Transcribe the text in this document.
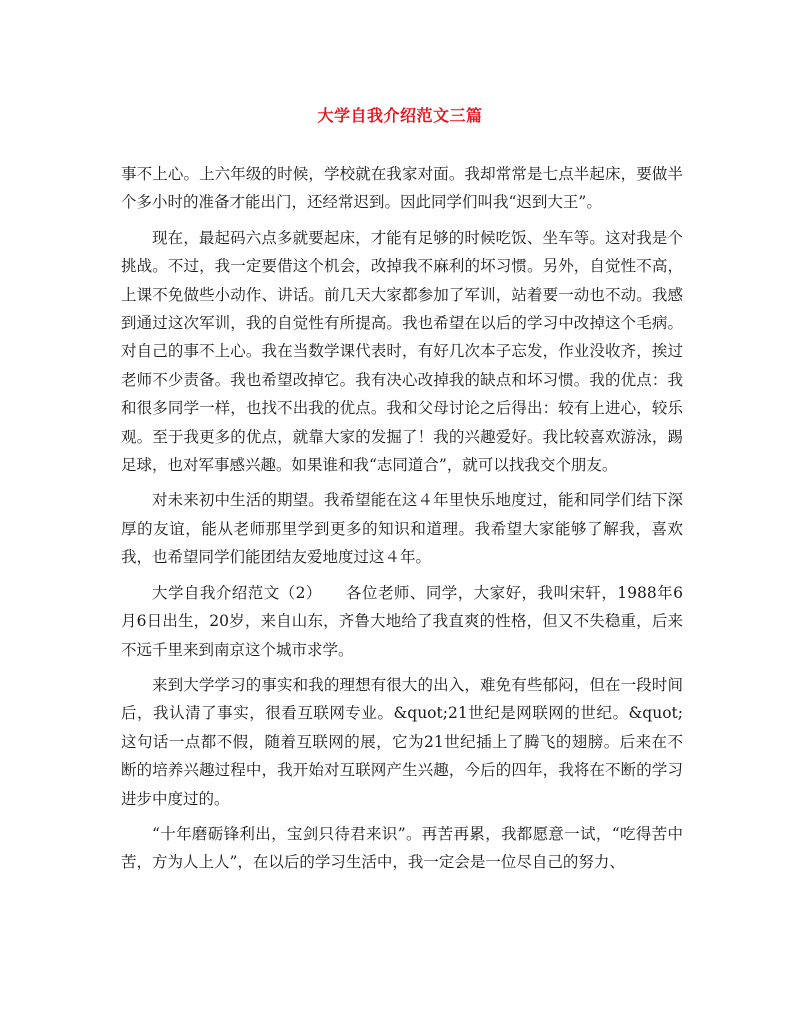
大学自我介绍范文三篇

事不上心。上六年级的时候，学校就在我家对面。我却常常是七点半起床，要做半个多小时的准备才能出门，还经常迟到。因此同学们叫我“迟到大王”。

现在，最起码六点多就要起床，才能有足够的时候吃饭、坐车等。这对我是个挑战。不过，我一定要借这个机会，改掉我不麻利的坏习惯。另外，自觉性不高，上课不免做些小动作、讲话。前几天大家都参加了军训，站着要一动也不动。我感到通过这次军训，我的自觉性有所提高。我也希望在以后的学习中改掉这个毛病。对自己的事不上心。我在当数学课代表时，有好几次本子忘发，作业没收齐，挨过老师不少责备。我也希望改掉它。我有决心改掉我的缺点和坏习惯。我的优点：我和很多同学一样，也找不出我的优点。我和父母讨论之后得出：较有上进心，较乐观。至于我更多的优点，就靠大家的发掘了！我的兴趣爱好。我比较喜欢游泳，踢足球，也对军事感兴趣。如果谁和我“志同道合”，就可以找我交个朋友。

对未来初中生活的期望。我希望能在这４年里快乐地度过，能和同学们结下深厚的友谊，能从老师那里学到更多的知识和道理。我希望大家能够了解我，喜欢我，也希望同学们能团结友爱地度过这４年。

大学自我介绍范文（2）　　各位老师、同学，大家好，我叫宋轩，1988年6月6日出生，20岁，来自山东，齐鲁大地给了我直爽的性格，但又不失稳重，后来不远千里来到南京这个城市求学。

来到大学学习的事实和我的理想有很大的出入，难免有些郁闷，但在一段时间后，我认清了事实，很看互联网专业。&quot;21世纪是网联网的世纪。&quot;这句话一点都不假，随着互联网的展，它为21世纪插上了腾飞的翅膀。后来在不断的培养兴趣过程中，我开始对互联网产生兴趣，今后的四年，我将在不断的学习进步中度过的。

“十年磨砺锋利出，宝剑只待君来识”。再苦再累，我都愿意一试，“吃得苦中苦，方为人上人”，在以后的学习生活中，我一定会是一位尽自己的努力、
